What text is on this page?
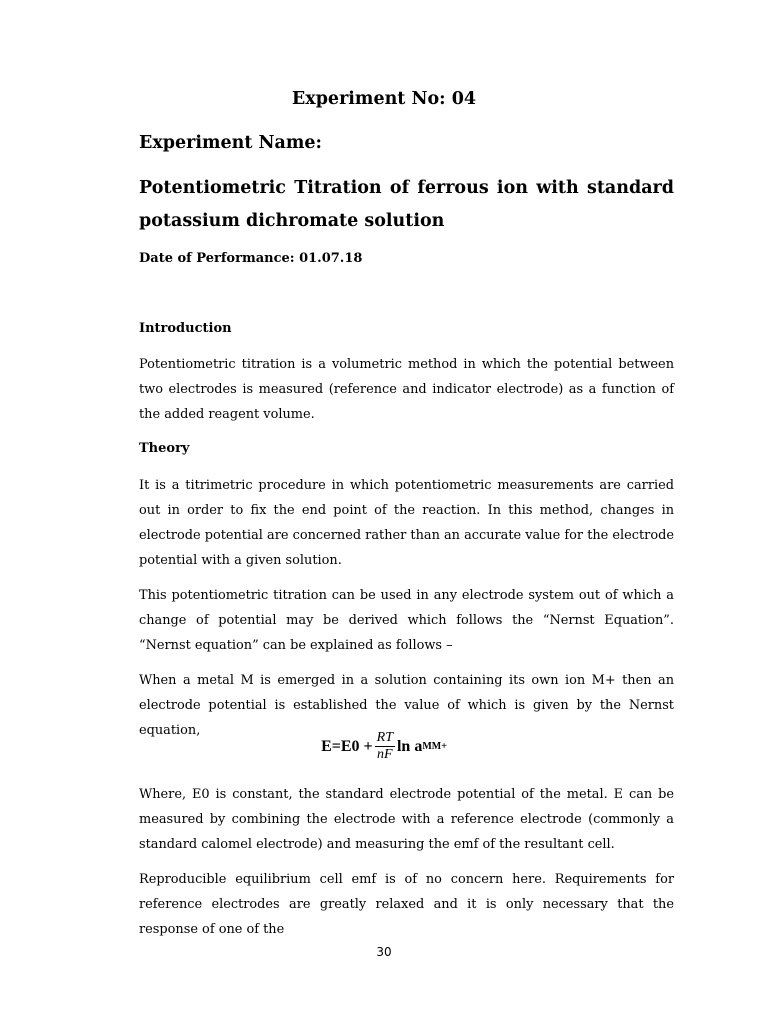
Experiment No: 04
Experiment Name:
Potentiometric Titration of ferrous ion with standard
potassium dichromate solution
Date of Performance: 01.07.18
Introduction
Potentiometric titration is a volumetric method in which the potential between two electrodes is measured (reference and indicator electrode) as a function of the added reagent volume.
Theory
It is a titrimetric procedure in which potentiometric measurements are carried out in order to fix the end point of the reaction. In this method, changes in electrode potential are concerned rather than an accurate value for the electrode potential with a given solution.
This potentiometric titration can be used in any electrode system out of which a change of potential may be derived which follows the “Nernst Equation”. “Nernst equation” can be explained as follows –
When a metal M is emerged in a solution containing its own ion M+ then an electrode potential is established the value of which is given by the Nernst equation,
$E=E0 + \frac{RT}{nF}$ ln a M M+
Where, E0 is constant, the standard electrode potential of the metal. E can be measured by combining the electrode with a reference electrode (commonly a standard calomel electrode) and measuring the emf of the resultant cell.
Reproducible equilibrium cell emf is of no concern here. Requirements for reference electrodes are greatly relaxed and it is only necessary that the response of one of the
30
